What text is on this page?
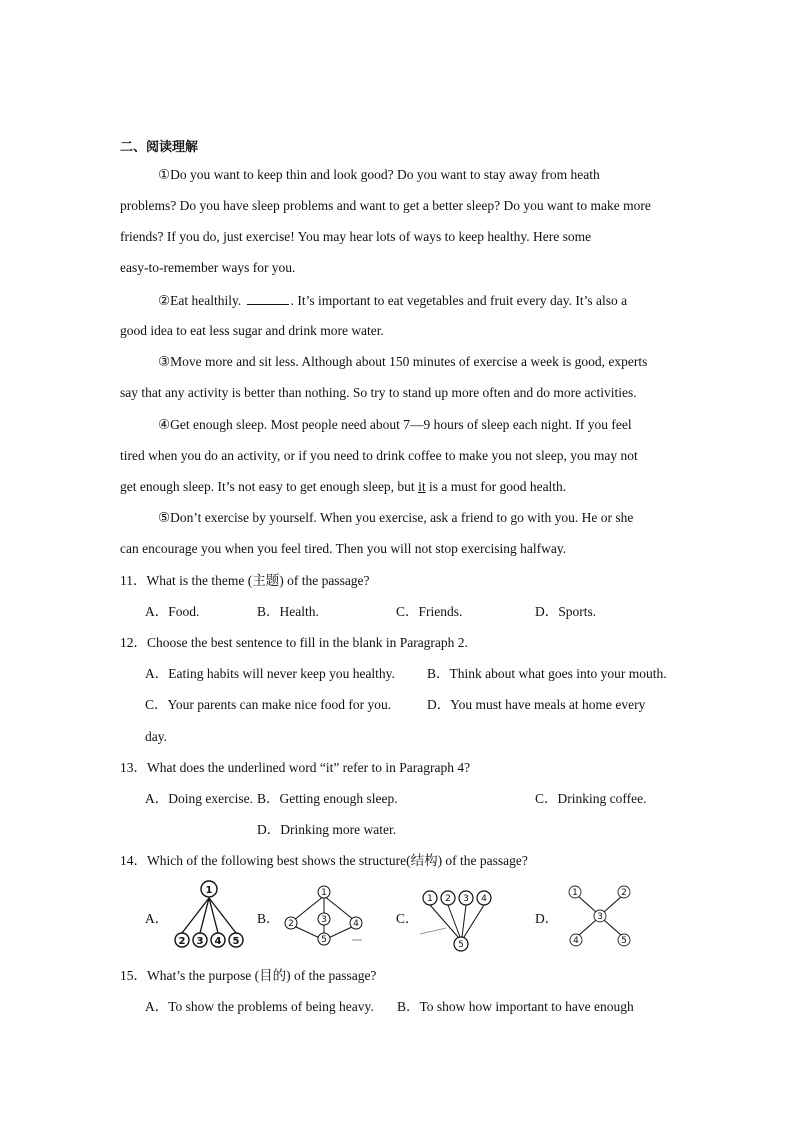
二、阅读理解
①Do you want to keep thin and look good? Do you want to stay away from heath
problems? Do you have sleep problems and want to get a better sleep? Do you want to make more
friends? If you do, just exercise! You may hear lots of ways to keep healthy. Here some
easy-to-remember ways for you.
②Eat healthily.	. It’s important to eat vegetables and fruit every day. It’s also a
good idea to eat less sugar and drink more water.
③Move more and sit less. Although about 150 minutes of exercise a week is good, experts
say that any activity is better than nothing. So try to stand up more often and do more activities.
④Get enough sleep. Most people need about 7—9 hours of sleep each night. If you feel
tired when you do an activity, or if you need to drink coffee to make you not sleep, you may not
get enough sleep. It’s not easy to get enough sleep, but it is a must for good health.
⑤Don’t exercise by yourself. When you exercise, ask a friend to go with you. He or she
can encourage you when you feel tired. Then you will not stop exercising halfway.
11．What is the theme (主题) of the passage?
A．Food.	B．Health.	C．Friends.	D．Sports.
12．Choose the best sentence to fill in the blank in Paragraph 2.
A．Eating habits will never keep you healthy. B．Think about what goes into your mouth.
C．Your parents can make nice food for you.	D．You must have meals at home every
day.
13．What does the underlined word “it” refer to in Paragraph 4?
A．Doing exercise. B．Getting enough sleep.	C．Drinking coffee.
D．Drinking more water.
14．Which of the following best shows the structure(结构) of the passage?
A．
1
2 3 4 5
B．
1
2	3	4
5
C．
1 2 3 4
5
D．
1	2
3
4	5
15．What’s the purpose (目的) of the passage?
A．To show the problems of being heavy. B．To show how important to have enough
